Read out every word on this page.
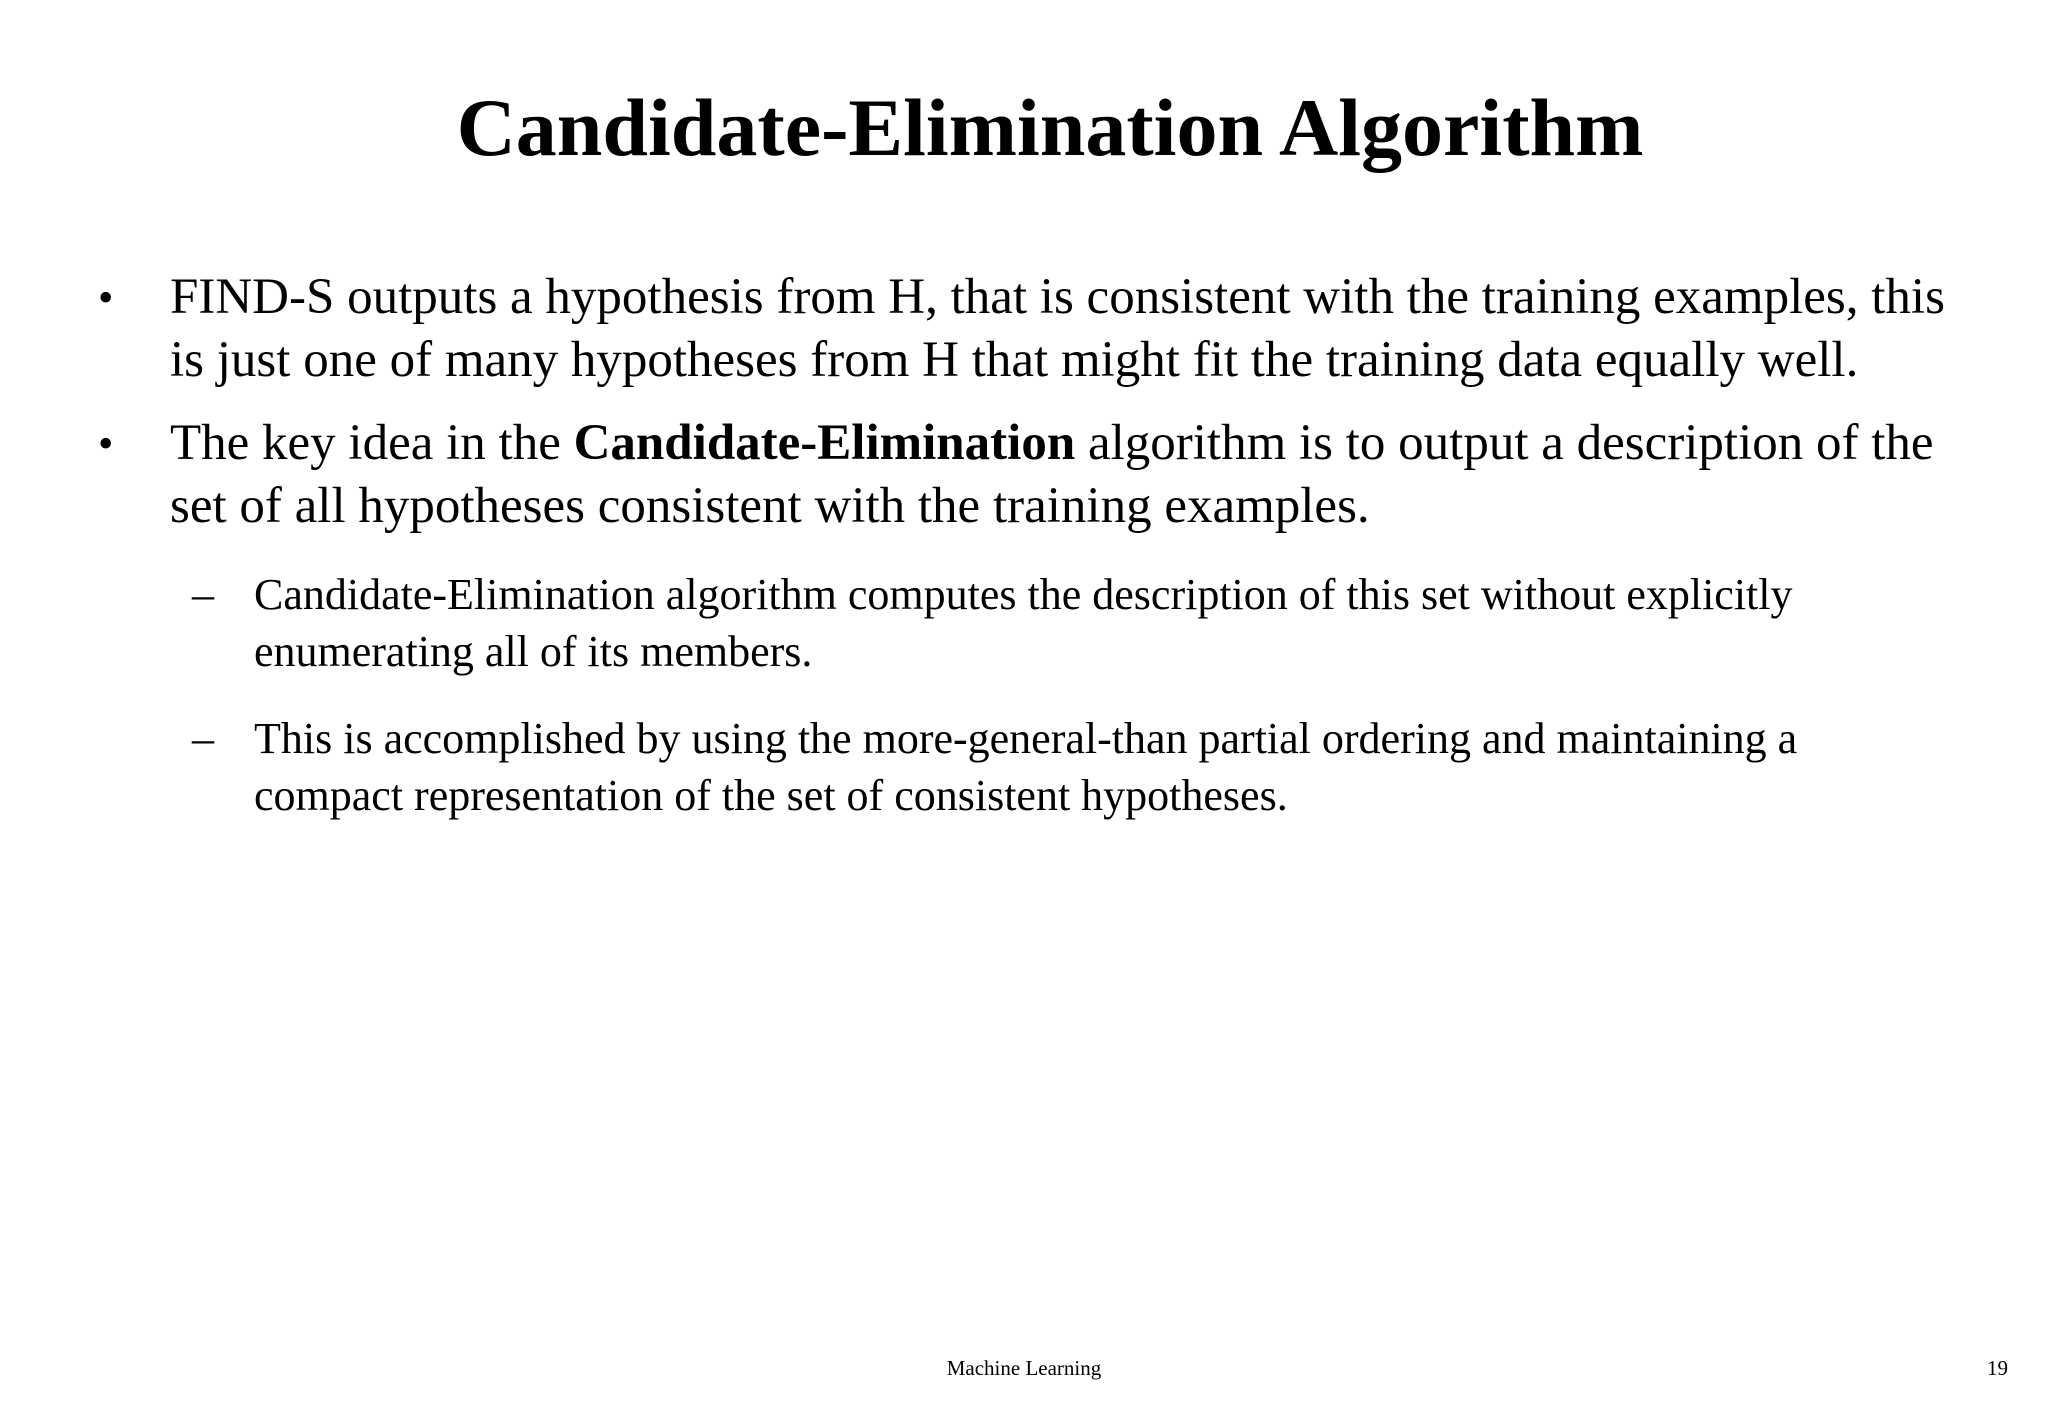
Candidate-Elimination Algorithm
• FIND-S outputs a hypothesis from H, that is consistent with the training examples, this is just one of many hypotheses from H that might fit the training data equally well.
• The key idea in the Candidate-Elimination algorithm is to output a description of the set of all hypotheses consistent with the training examples.
– Candidate-Elimination algorithm computes the description of this set without explicitly enumerating all of its members.
– This is accomplished by using the more-general-than partial ordering and maintaining a compact representation of the set of consistent hypotheses.
Machine Learning	19
